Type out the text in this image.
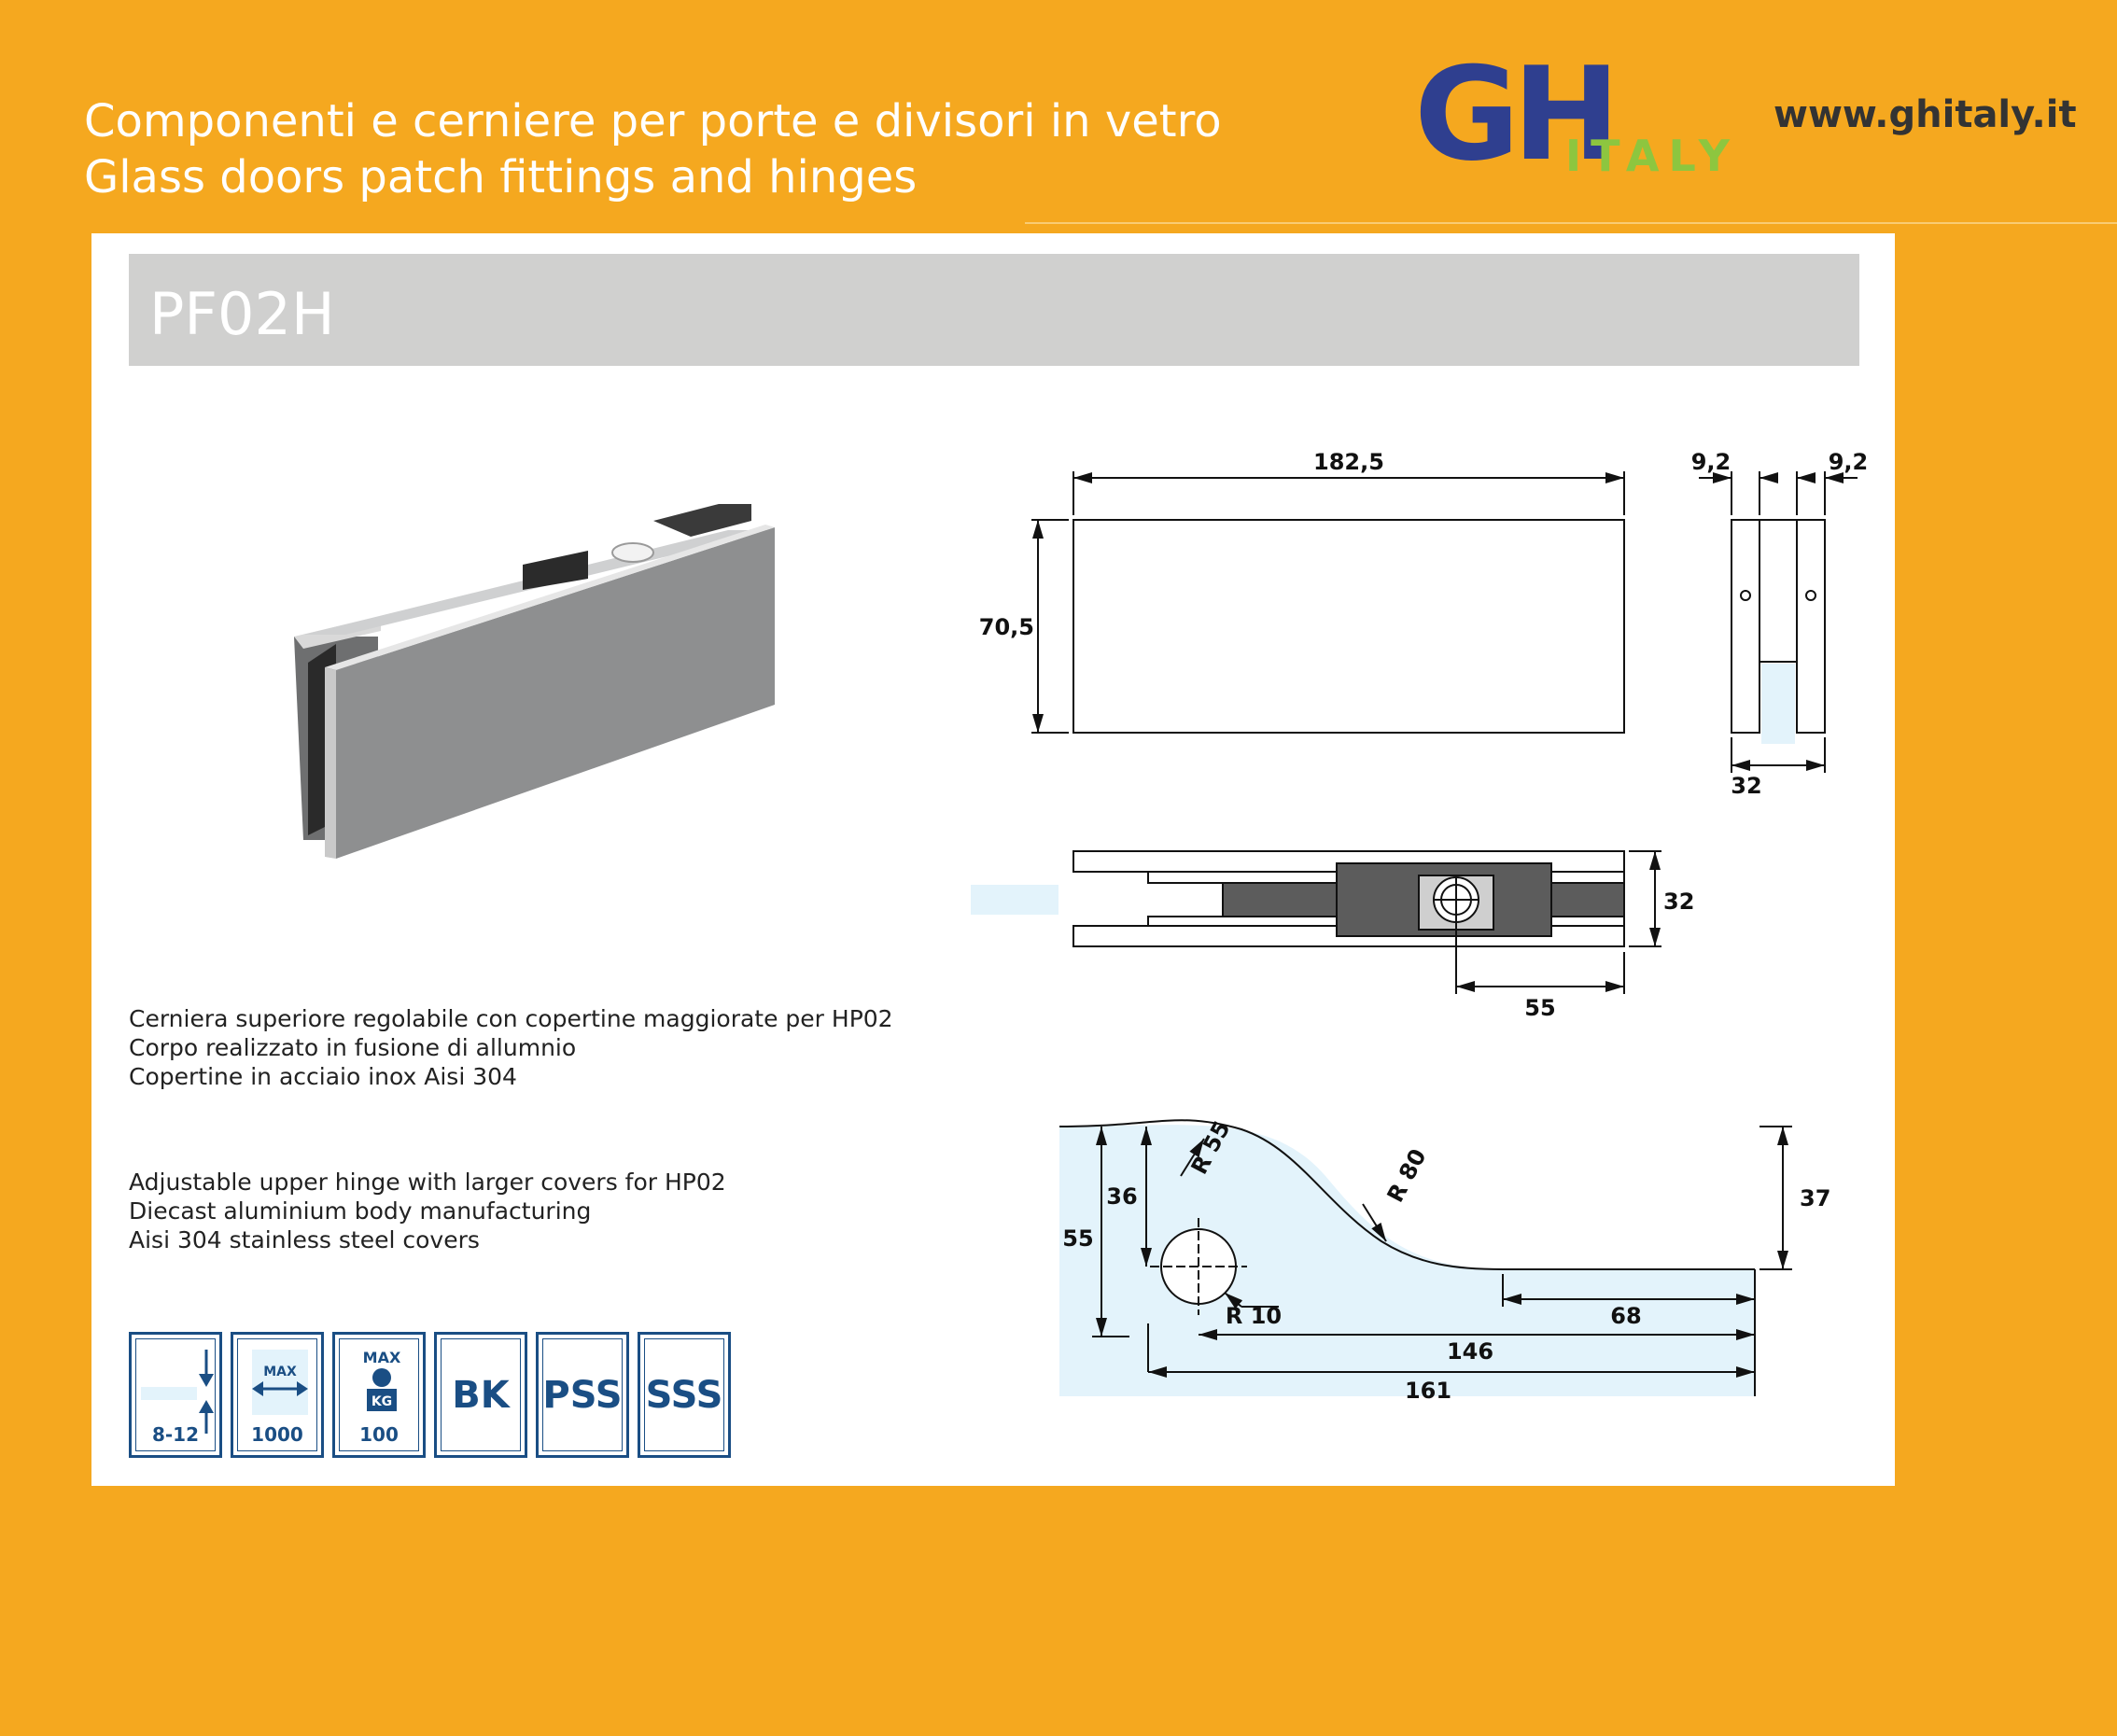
Componenti e cerniere per porte e divisori in vetro
Glass doors patch fittings and hinges	GH
ITALY
www.ghitaly.it
PF02H
Cerniera superiore regolabile con copertine maggiorate per HP02
Corpo realizzato in fusione di allumnio
Copertine in acciaio inox Aisi 304
Adjustable upper hinge with larger covers for HP02
Diecast aluminium body manufacturing
Aisi 304 stainless steel covers
8-12
MAX
1000
MAX
KG
100
BK PSS SSS
182,5
70,5
9,2	9,2
32
32
55
36
55
37
68
146
161
R 10
R 55	R 80
